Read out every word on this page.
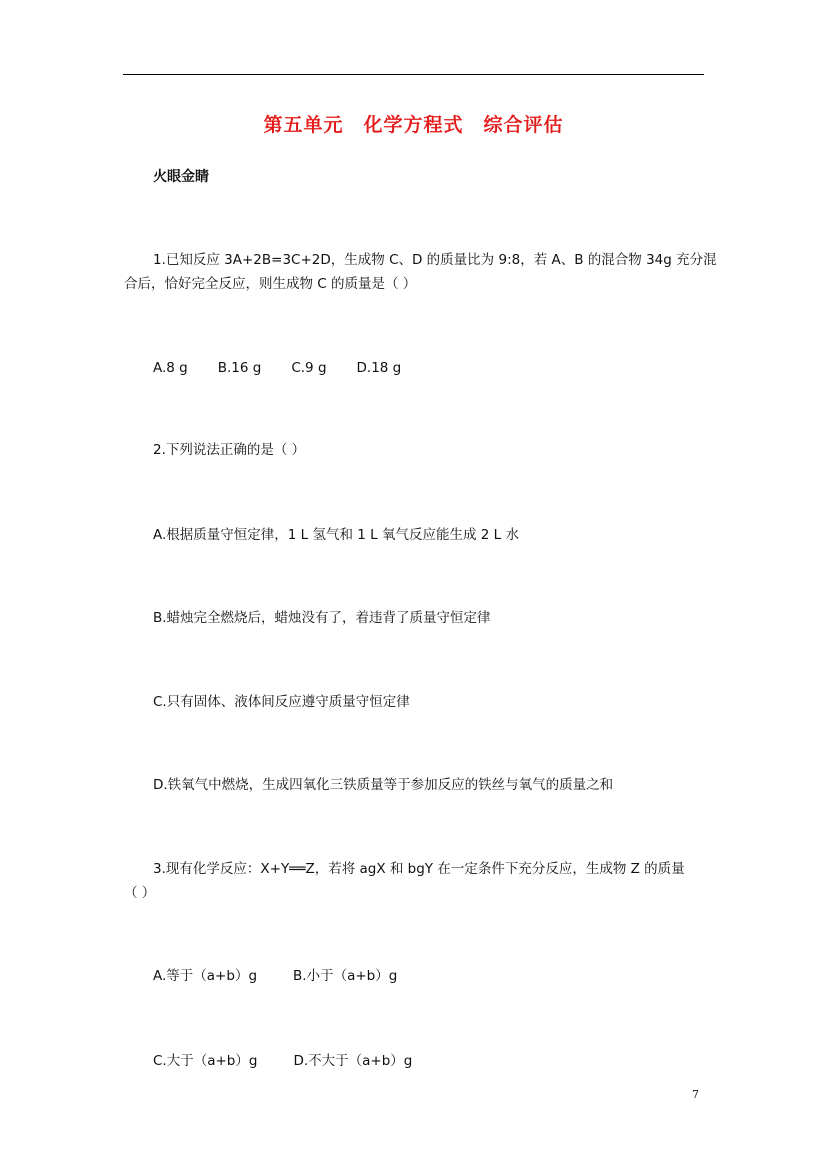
第五单元　化学方程式　综合评估
火眼金睛
1.已知反应 3A+2B=3C+2D，生成物 C、D 的质量比为 9:8，若 A、B 的混合物 34g 充分混
合后，恰好完全反应，则生成物 C 的质量是（ ）
A.8 g B.16 g C.9 g D.18 g
2.下列说法正确的是（ ）
A.根据质量守恒定律，1 L 氢气和 1 L 氧气反应能生成 2 L 水
B.蜡烛完全燃烧后，蜡烛没有了，着违背了质量守恒定律
C.只有固体、液体间反应遵守质量守恒定律
D.铁氧气中燃烧，生成四氧化三铁质量等于参加反应的铁丝与氧气的质量之和
3.现有化学反应：X+Y══Z，若将 agX 和 bgY 在一定条件下充分反应，生成物 Z 的质量
（ ）
A.等于（a+b）g	B.小于（a+b）g
C.大于（a+b）g	D.不大于（a+b）g
7
